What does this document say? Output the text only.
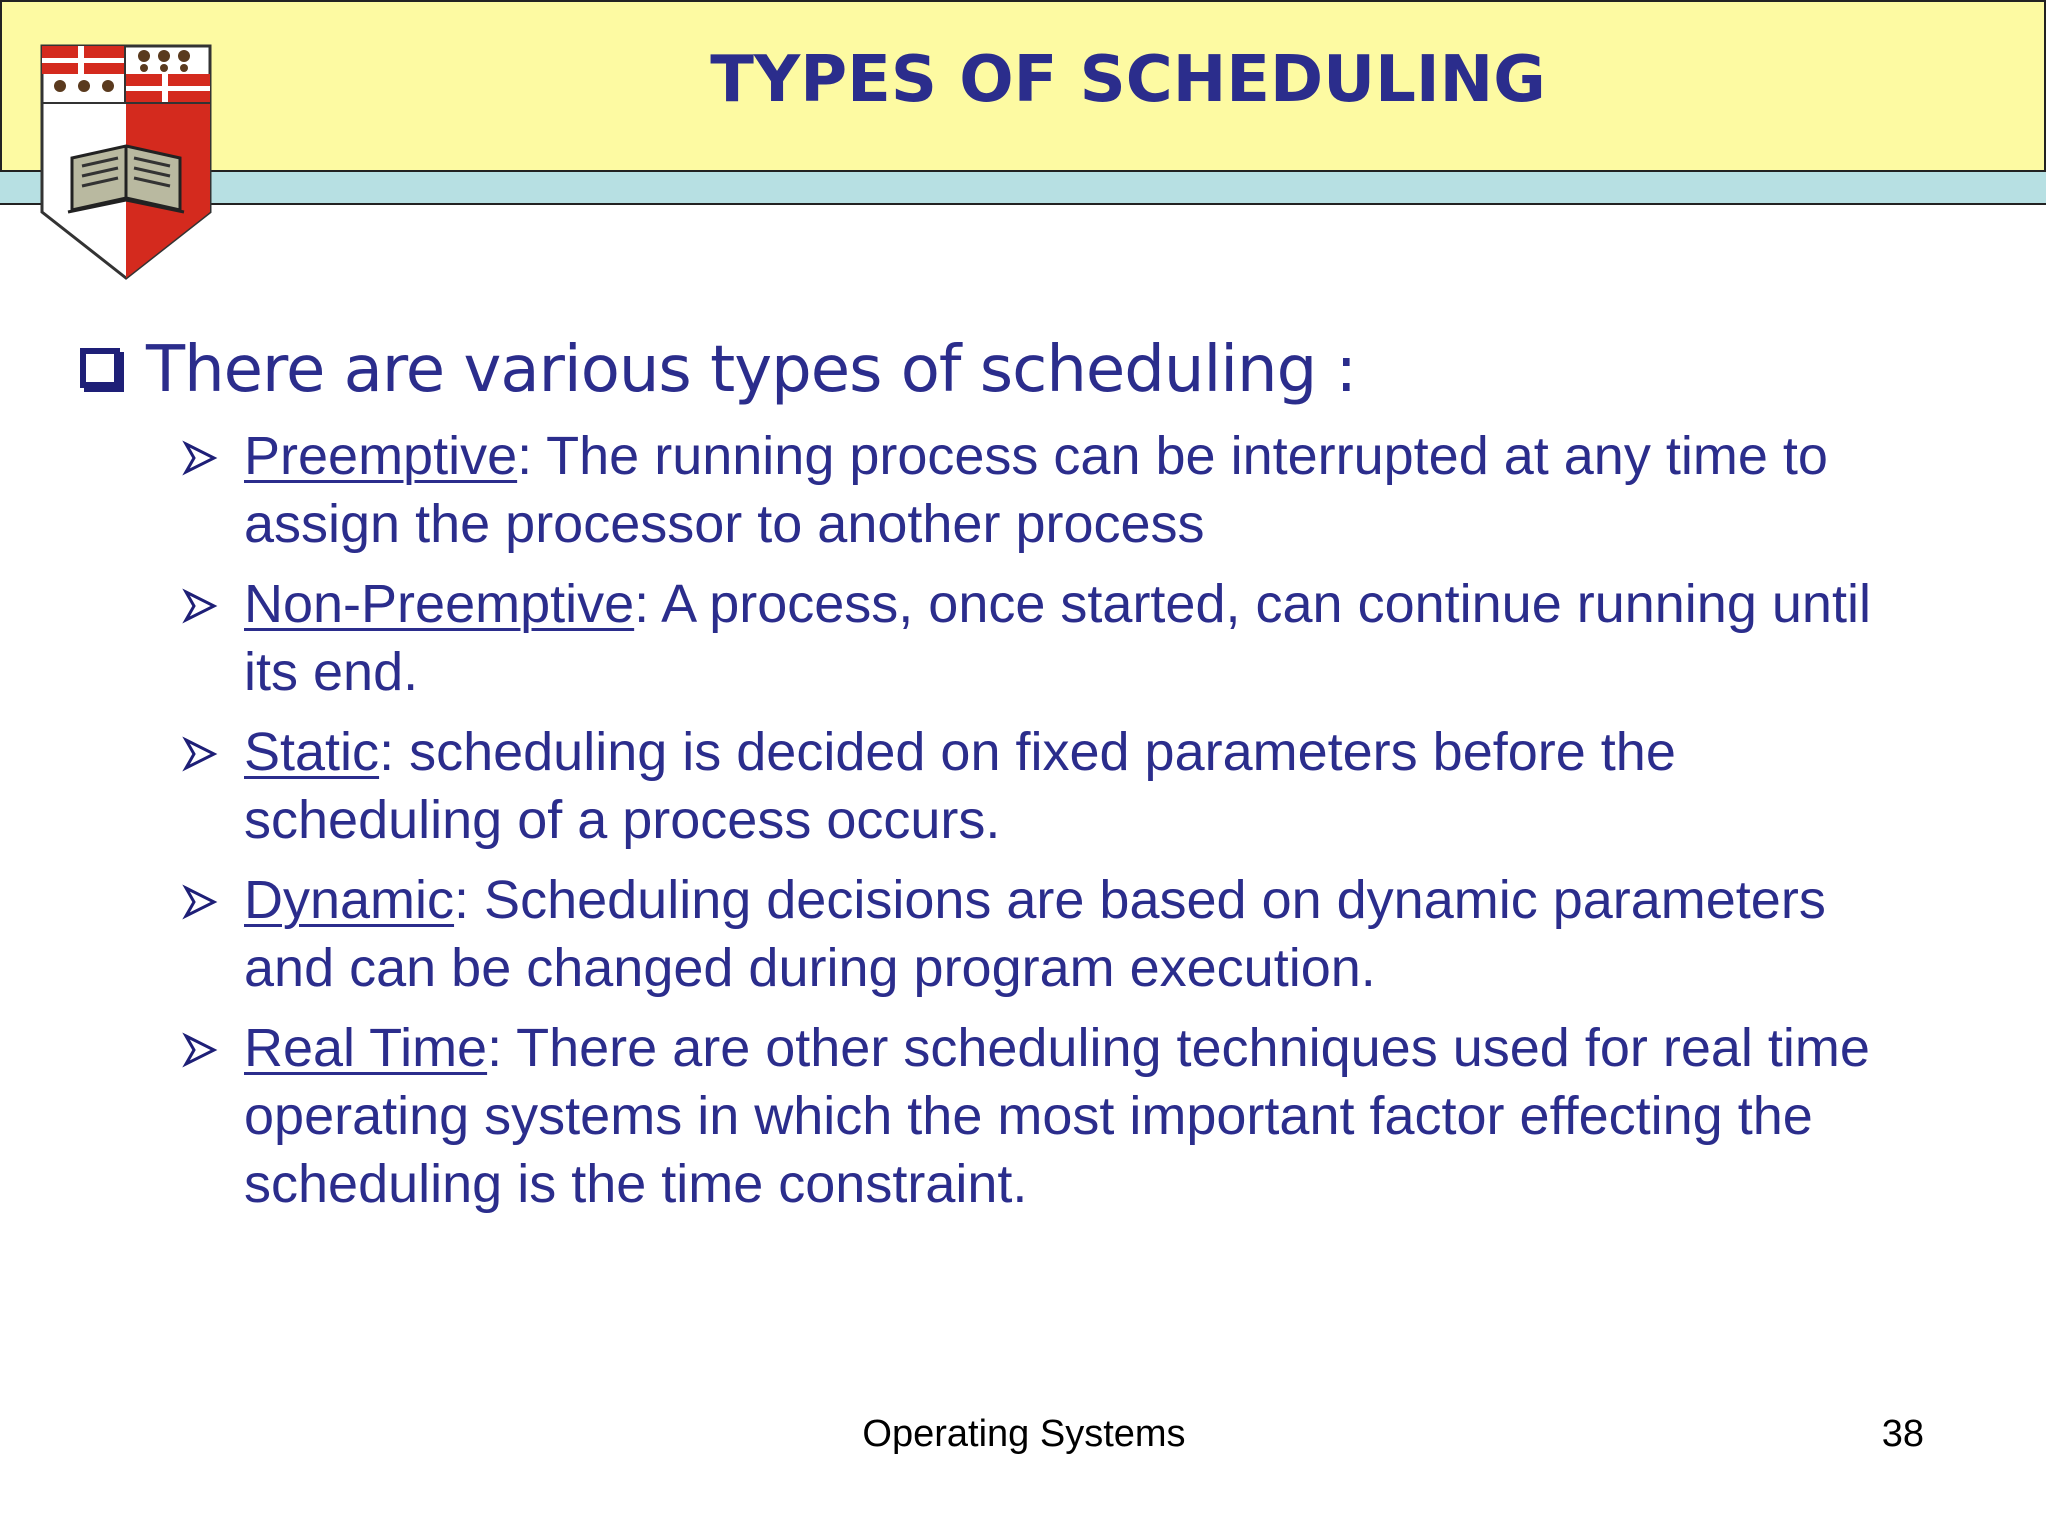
TYPES OF SCHEDULING
There are various types of scheduling :
Preemptive: The running process can be interrupted at any time to assign the processor to another process
Non-Preemptive: A process, once started, can continue running until its end.
Static: scheduling is decided on fixed parameters before the scheduling of a process occurs.
Dynamic: Scheduling decisions are based on dynamic parameters and can be changed during program execution.
Real Time: There are other scheduling techniques used for real time operating systems in which the most important factor effecting the scheduling is the time constraint.
Operating Systems	38
